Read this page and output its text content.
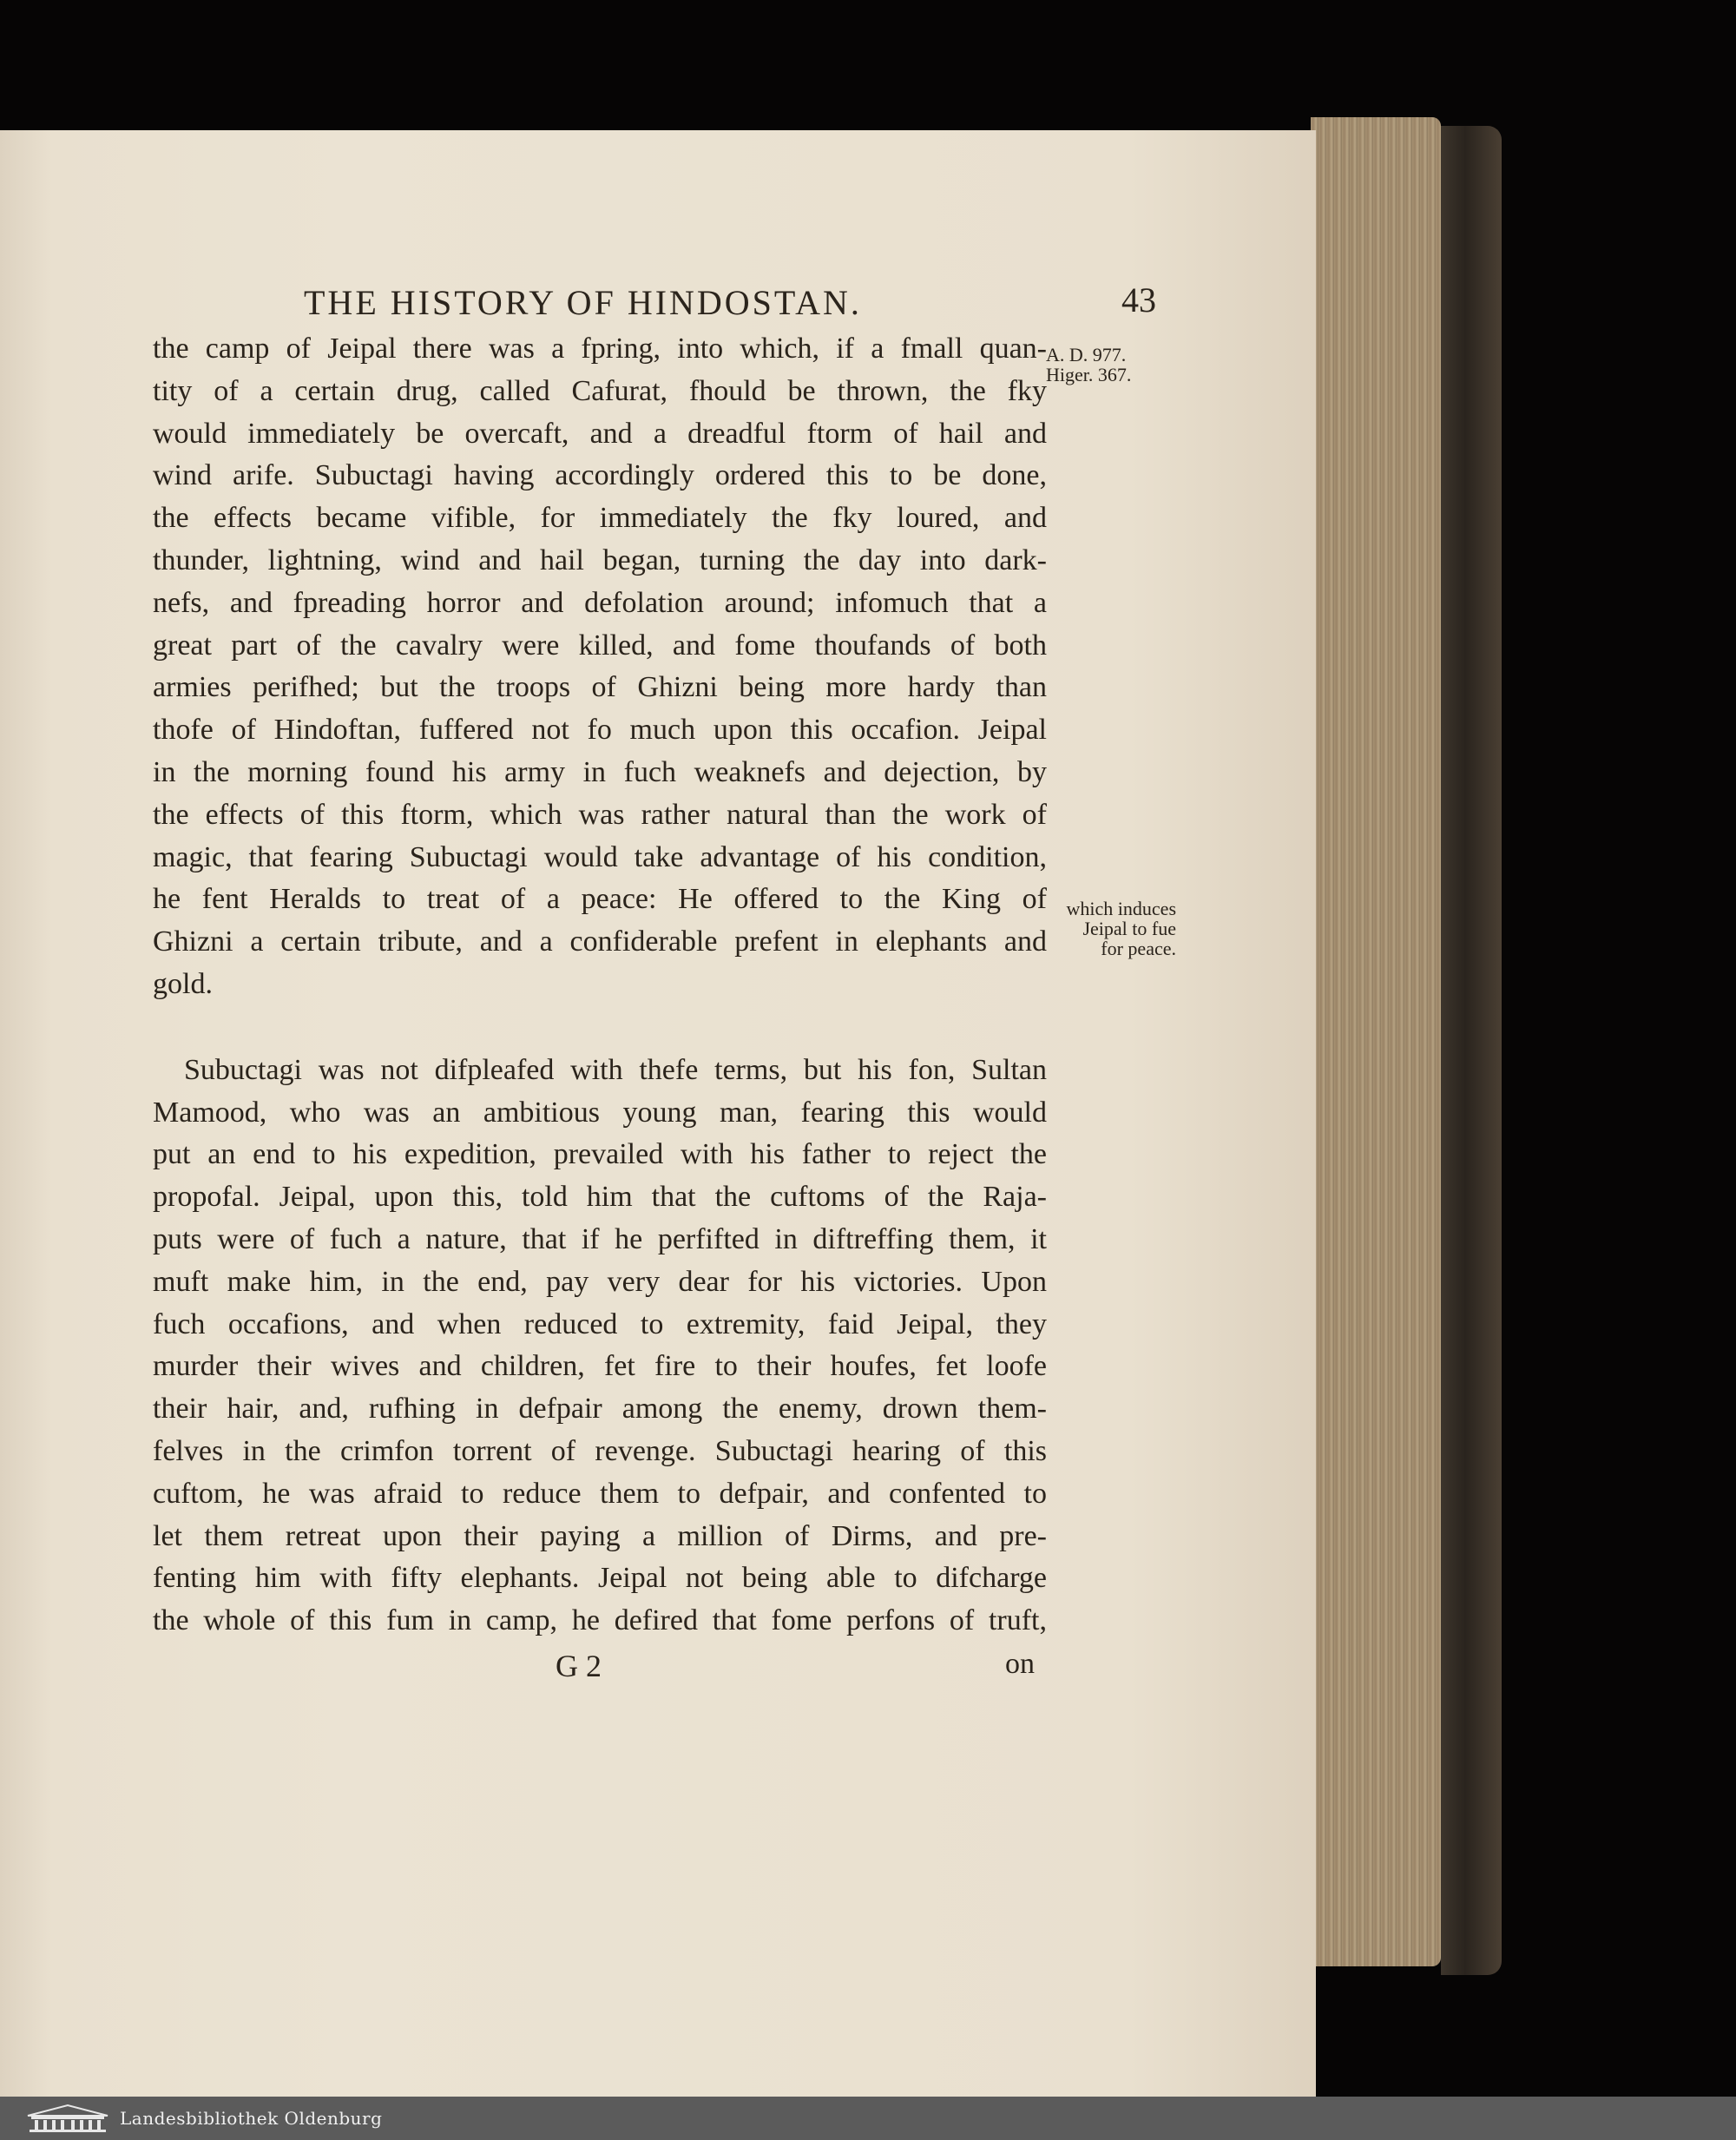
THE HISTORY OF HINDOSTAN.	43
A. D. 977.
Higer. 367.
which induces
Jeipal to fue
for peace.
the camp of Jeipal there was a fpring, into which, if a fmall quan-
tity of a certain drug, called Cafurat, fhould be thrown, the fky
would immediately be overcaft, and a dreadful ftorm of hail and
wind arife. Subuctagi having accordingly ordered this to be done,
the effects became vifible, for immediately the fky loured, and
thunder, lightning, wind and hail began, turning the day into dark-
nefs, and fpreading horror and defolation around; infomuch that a
great part of the cavalry were killed, and fome thoufands of both
armies perifhed; but the troops of Ghizni being more hardy than
thofe of Hindoftan, fuffered not fo much upon this occafion. Jeipal
in the morning found his army in fuch weaknefs and dejection, by
the effects of this ftorm, which was rather natural than the work of
magic, that fearing Subuctagi would take advantage of his condition,
he fent Heralds to treat of a peace: He offered to the King of
Ghizni a certain tribute, and a confiderable prefent in elephants and
gold.
Subuctagi was not difpleafed with thefe terms, but his fon, Sultan
Mamood, who was an ambitious young man, fearing this would
put an end to his expedition, prevailed with his father to reject the
propofal. Jeipal, upon this, told him that the cuftoms of the Raja-
puts were of fuch a nature, that if he perfifted in diftreffing them, it
muft make him, in the end, pay very dear for his victories. Upon
fuch occafions, and when reduced to extremity, faid Jeipal, they
murder their wives and children, fet fire to their houfes, fet loofe
their hair, and, rufhing in defpair among the enemy, drown them-
felves in the crimfon torrent of revenge. Subuctagi hearing of this
cuftom, he was afraid to reduce them to defpair, and confented to
let them retreat upon their paying a million of Dirms, and pre-
fenting him with fifty elephants. Jeipal not being able to difcharge
the whole of this fum in camp, he defired that fome perfons of truft,
G 2	on
Landesbibliothek Oldenburg
